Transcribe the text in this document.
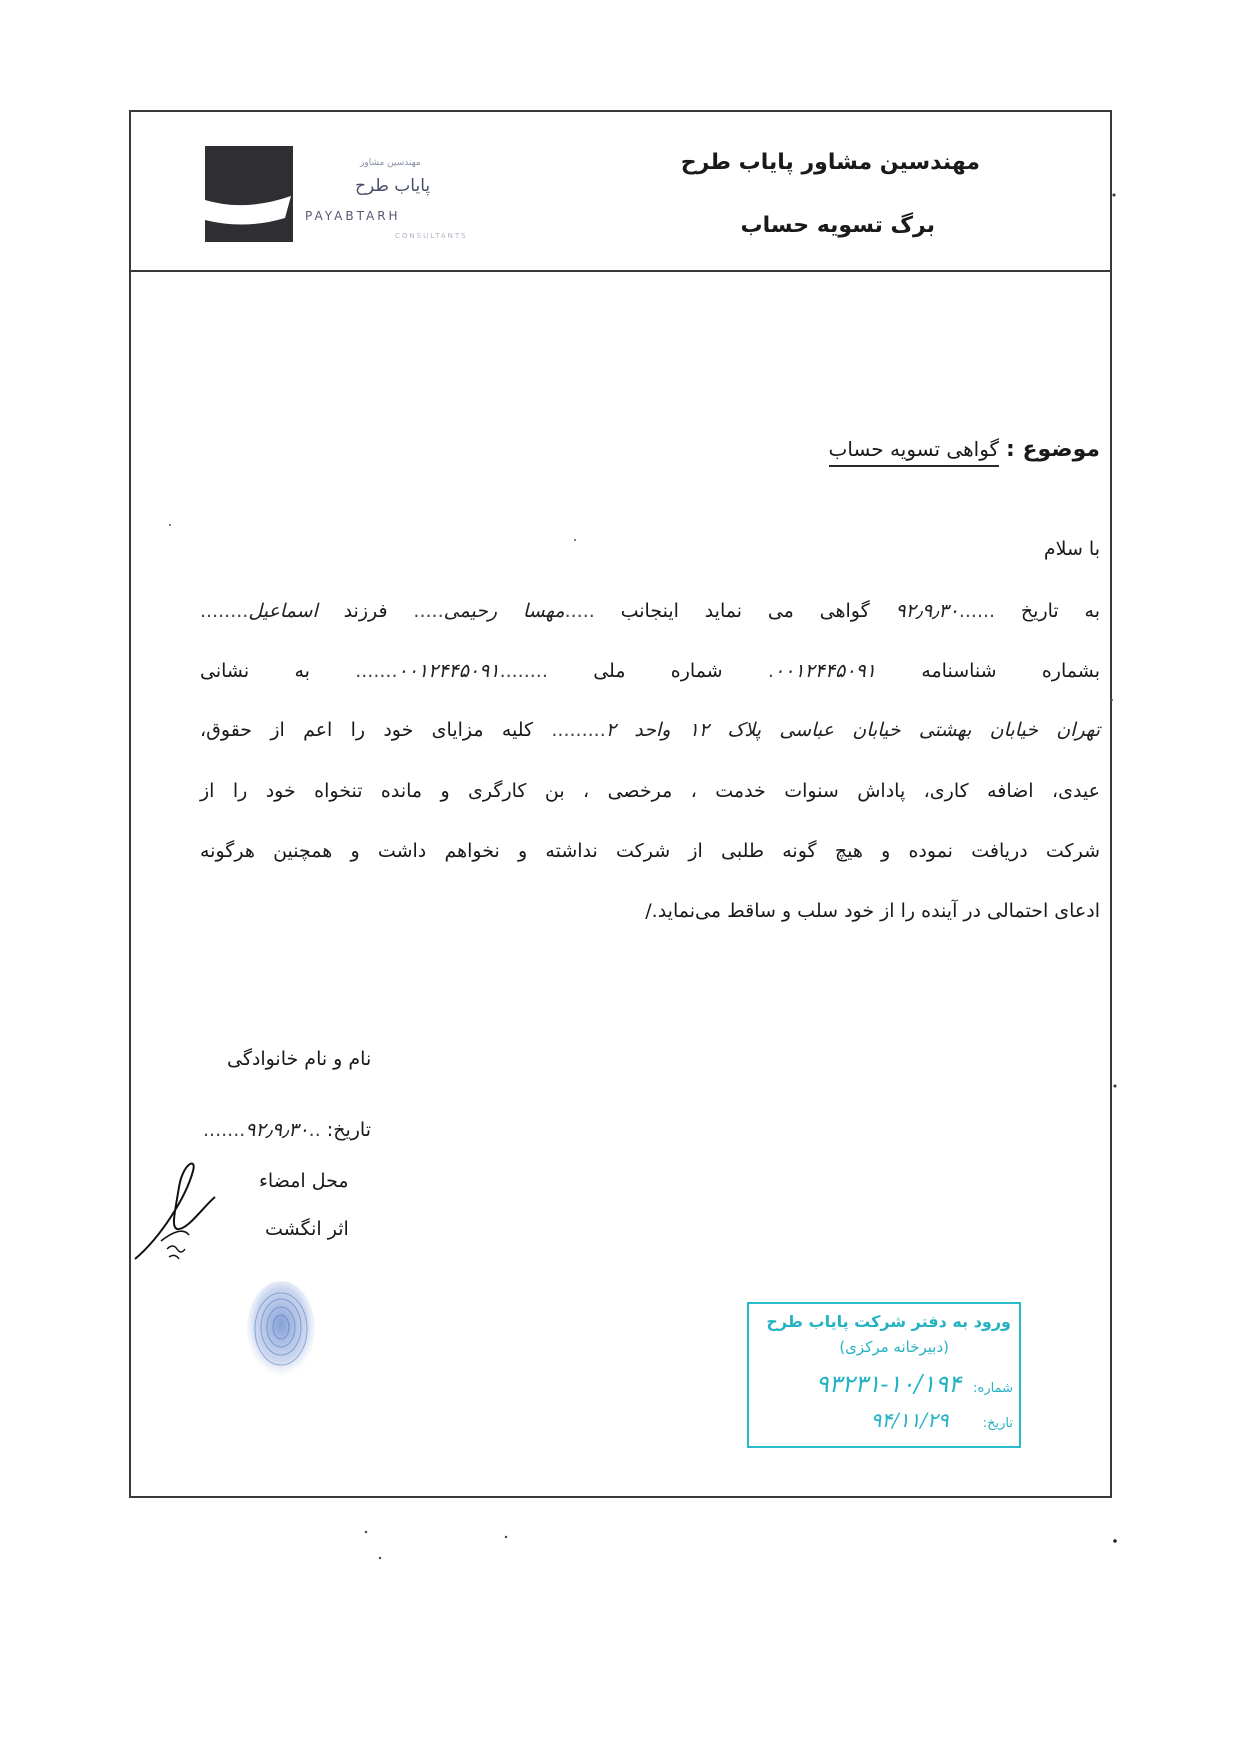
مهندسین مشاور پایاب طرح
برگ تسویه حساب
مهندسین مشاور
پایاب طرح
PAYABTARH
CONSULTANTS
موضوع : گواهی تسویه حساب
با سلام
به تاریخ ......۹۲٫۹٫۳۰ گواهی می نماید اینجانب .....مهسا رحیمی..... فرزند اسماعیل........
بشماره شناسنامه ۰۰۱۲۴۴۵۰۹۱. شماره ملی ........۰۰۱۲۴۴۵۰۹۱....... به نشانی
تهران خیابان بهشتی خیابان عباسی پلاک ۱۲ واحد ۲......... کلیه مزایای خود را اعم از حقوق،
عیدی، اضافه کاری، پاداش سنوات خدمت ، مرخصی ، بن کارگری و مانده تنخواه خود را از
شرکت دریافت نموده و هیچ گونه طلبی از شرکت نداشته و نخواهم داشت و همچنین هرگونه
ادعای احتمالی در آینده را از خود سلب و ساقط می‌نماید./
نام و نام خانوادگی
تاریخ: ..۹۲٫۹٫۳۰.......
محل امضاء
اثر انگشت
ورود به دفتر شرکت پایاب طرح
(دبیرخانه مرکزی)
شماره: ۱۰/۱۹۴-۹۳۲۳۱
تاریخ: ۹۴/۱۱/۲۹
